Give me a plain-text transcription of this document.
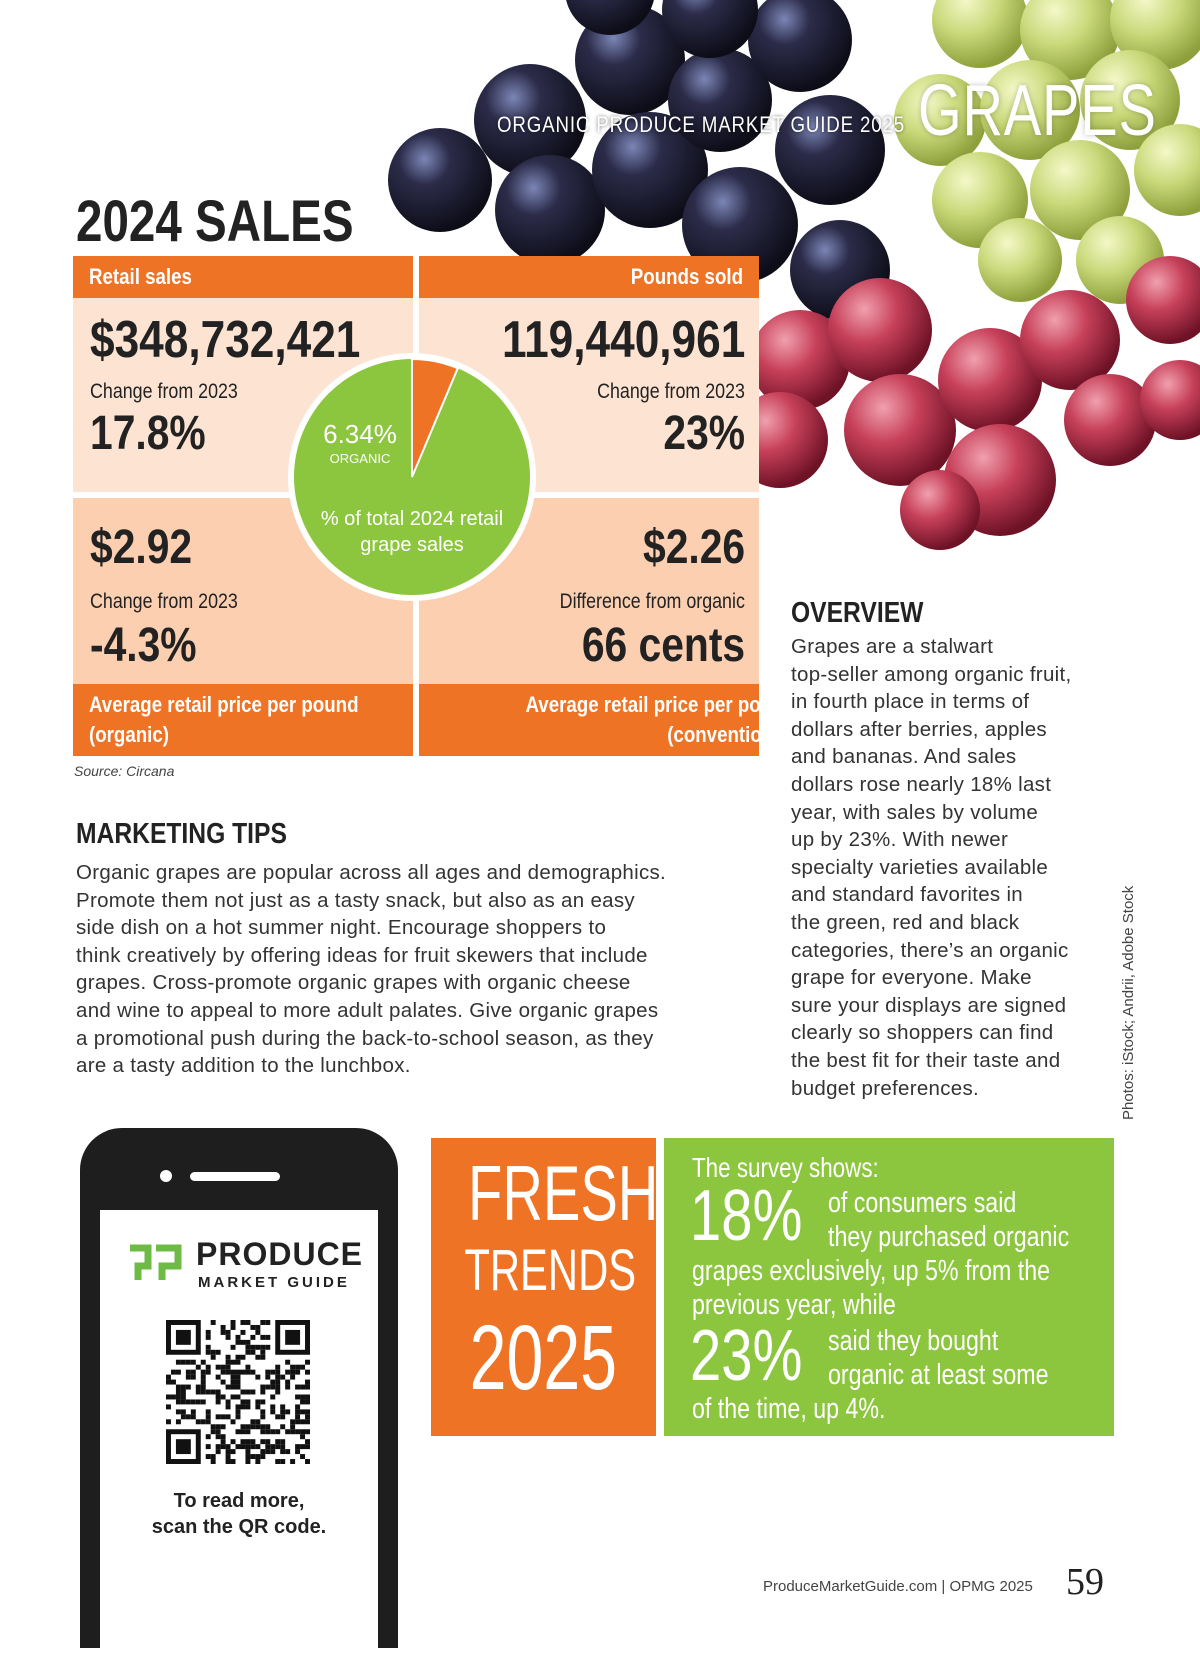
ORGANIC PRODUCE MARKET GUIDE 2025 GRAPES
2024 SALES
Retail sales
$348,732,421
Change from 2023
17.8%
Pounds sold
119,440,961
Change from 2023
23%
$2.92
Change from 2023
-4.3%
Average retail price per pound (organic)
$2.26
Difference from organic
66 cents
Average retail price per pound (conventional)
6.34%
ORGANIC
% of total 2024 retail
grape sales
Source: Circana
MARKETING TIPS
Organic grapes are popular across all ages and demographics.
Promote them not just as a tasty snack, but also as an easy
side dish on a hot summer night. Encourage shoppers to
think creatively by offering ideas for fruit skewers that include
grapes. Cross-promote organic grapes with organic cheese
and wine to appeal to more adult palates. Give organic grapes
a promotional push during the back-to-school season, as they
are a tasty addition to the lunchbox.
OVERVIEW
Grapes are a stalwart
top-seller among organic fruit,
in fourth place in terms of
dollars after berries, apples
and bananas. And sales
dollars rose nearly 18% last
year, with sales by volume
up by 23%. With newer
specialty varieties available
and standard favorites in
the green, red and black
categories, there’s an organic
grape for everyone. Make
sure your displays are signed
clearly so shoppers can find
the best fit for their taste and
budget preferences.	Photos: iStock; Andrii, Adobe Stock
PRODUCE
MARKET GUIDE
To read more,
scan the QR code.
FRESH
TRENDS
2025
The survey shows:
18% of consumers said
they purchased organic
grapes exclusively, up 5% from the
previous year, while
23% said they bought
organic at least some
of the time, up 4%.
ProduceMarketGuide.com | OPMG 2025 59
